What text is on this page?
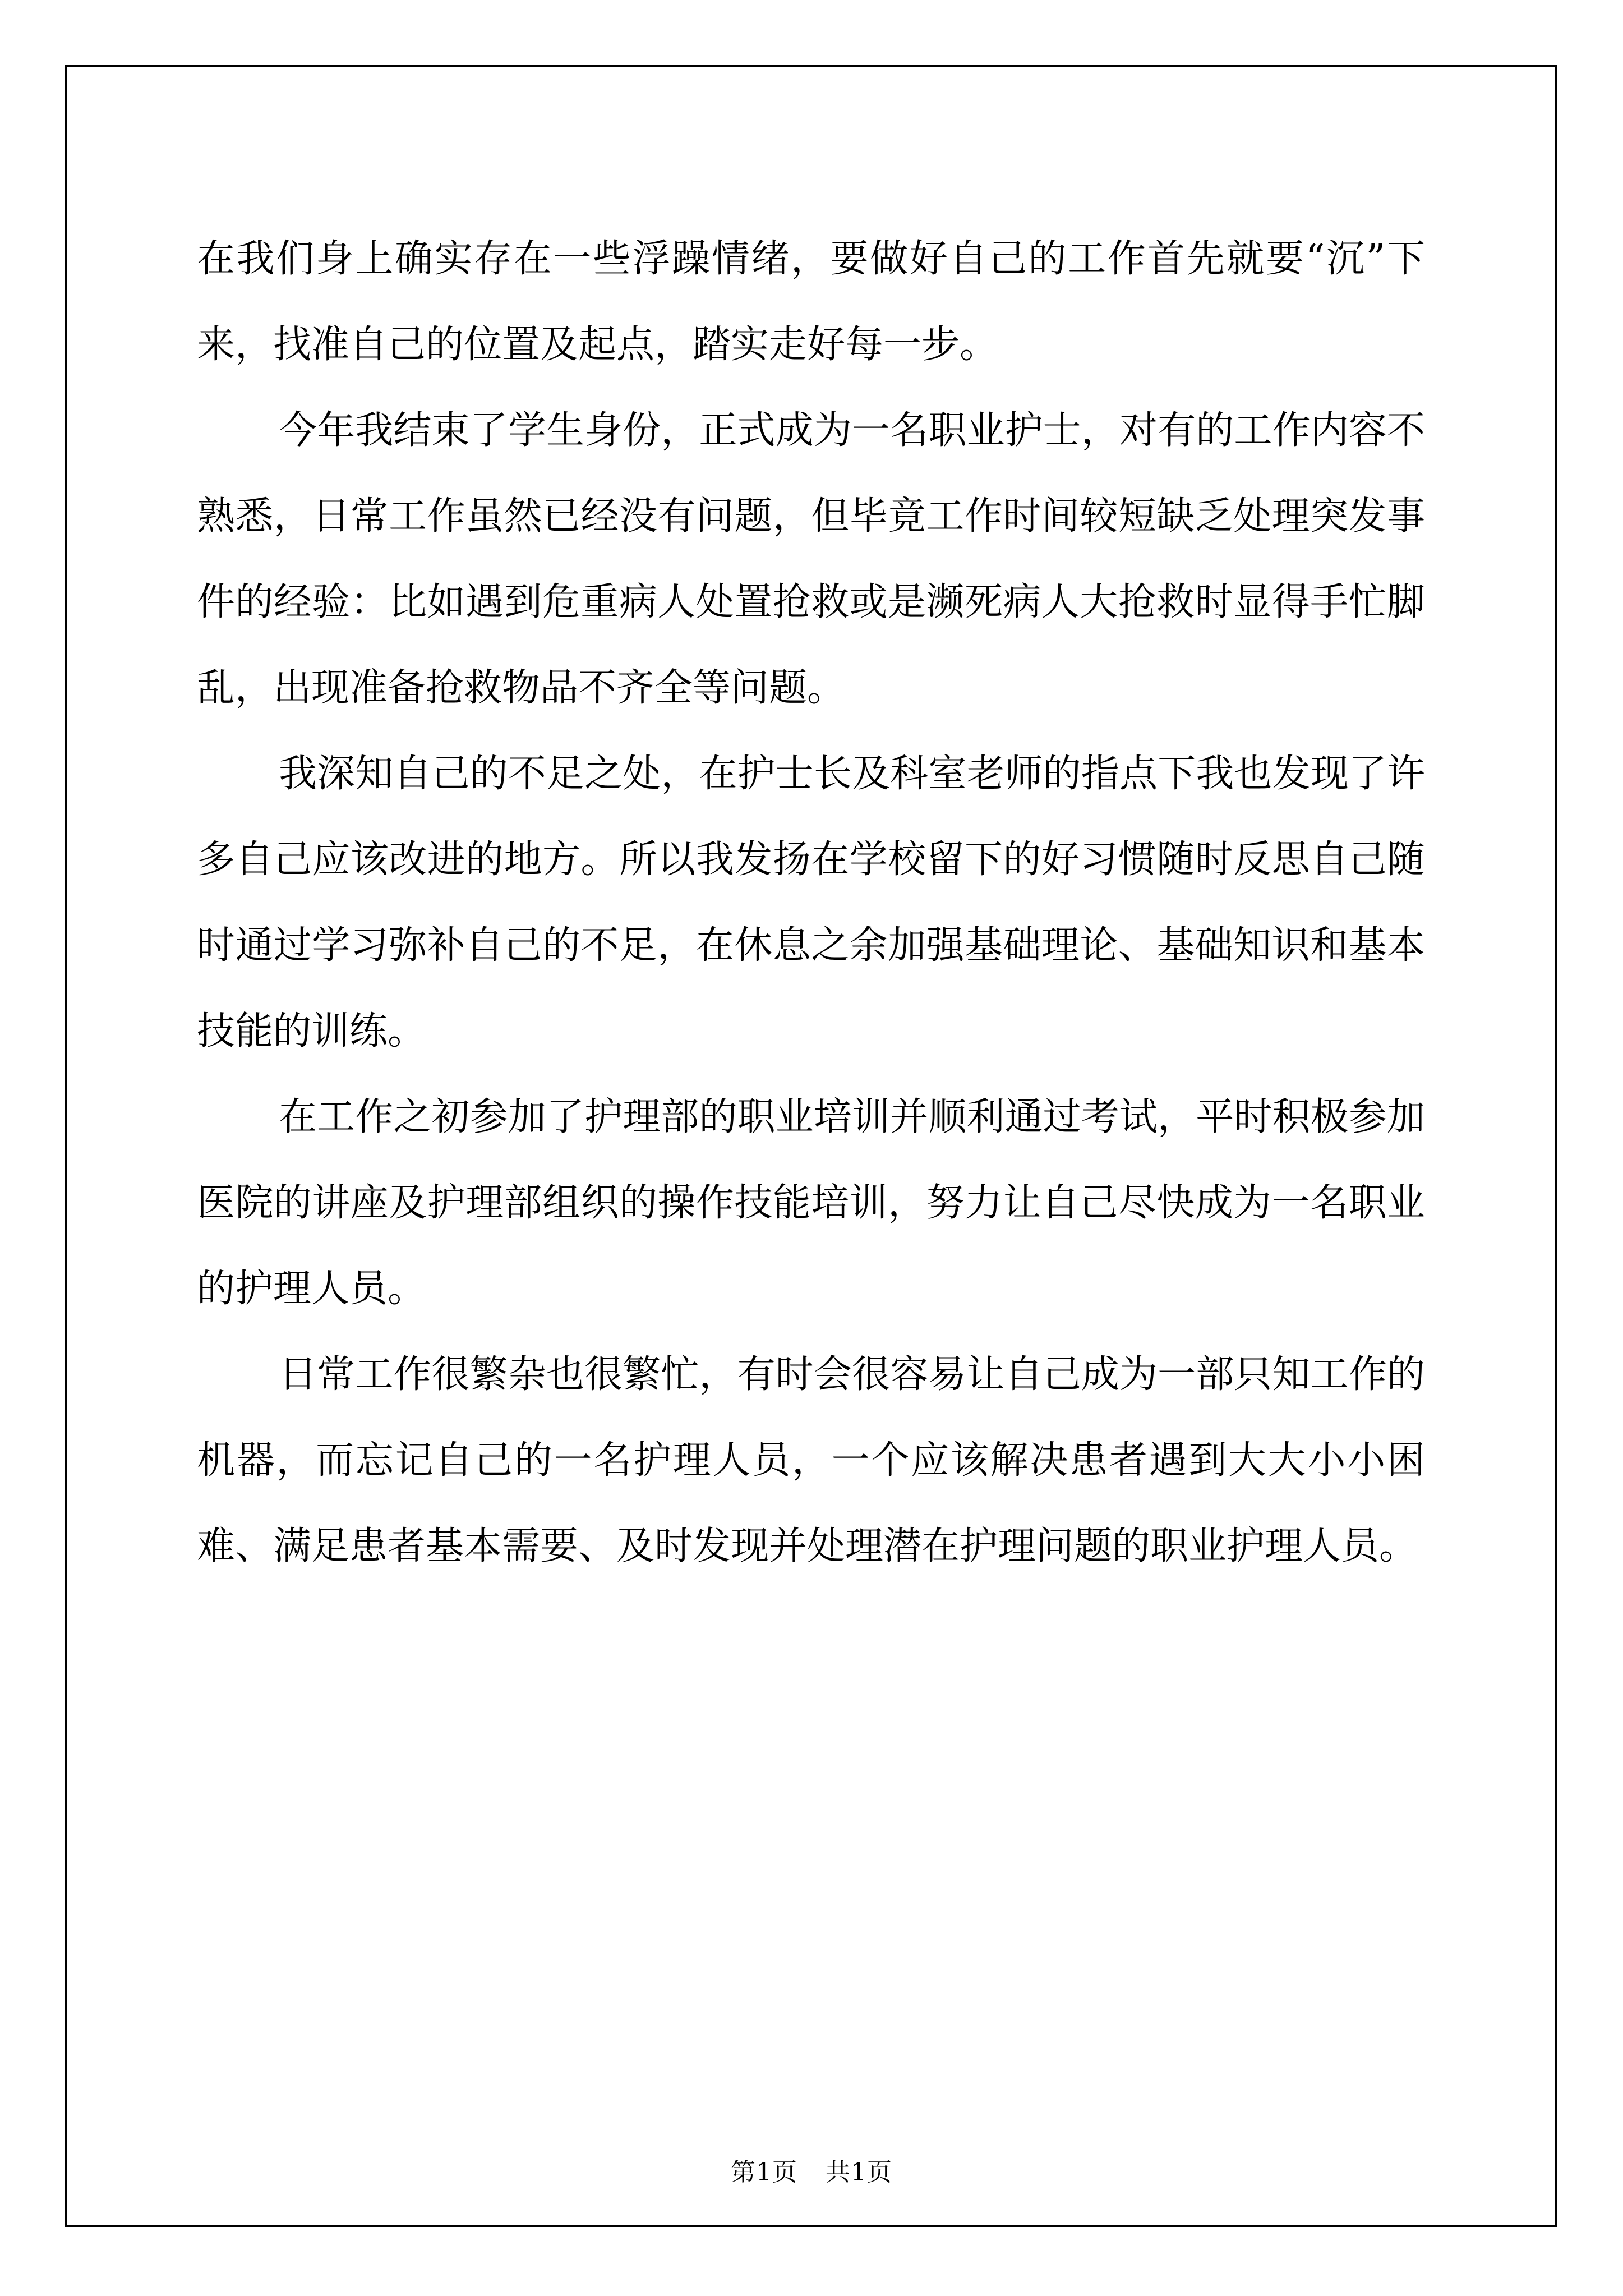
在我们身上确实存在一些浮躁情绪，要做好自己的工作首先就要“沉”下来，找准自己的位置及起点，踏实走好每一步。

今年我结束了学生身份，正式成为一名职业护士，对有的工作内容不熟悉，日常工作虽然已经没有问题，但毕竟工作时间较短缺乏处理突发事件的经验：比如遇到危重病人处置抢救或是濒死病人大抢救时显得手忙脚乱，出现准备抢救物品不齐全等问题。

我深知自己的不足之处，在护士长及科室老师的指点下我也发现了许多自己应该改进的地方。所以我发扬在学校留下的好习惯随时反思自己随时通过学习弥补自己的不足，在休息之余加强基础理论、基础知识和基本技能的训练。

在工作之初参加了护理部的职业培训并顺利通过考试，平时积极参加医院的讲座及护理部组织的操作技能培训，努力让自己尽快成为一名职业的护理人员。

日常工作很繁杂也很繁忙，有时会很容易让自己成为一部只知工作的机器，而忘记自己的一名护理人员，一个应该解决患者遇到大大小小困难、满足患者基本需要、及时发现并处理潜在护理问题的职业护理人员。

第1页 共1页
